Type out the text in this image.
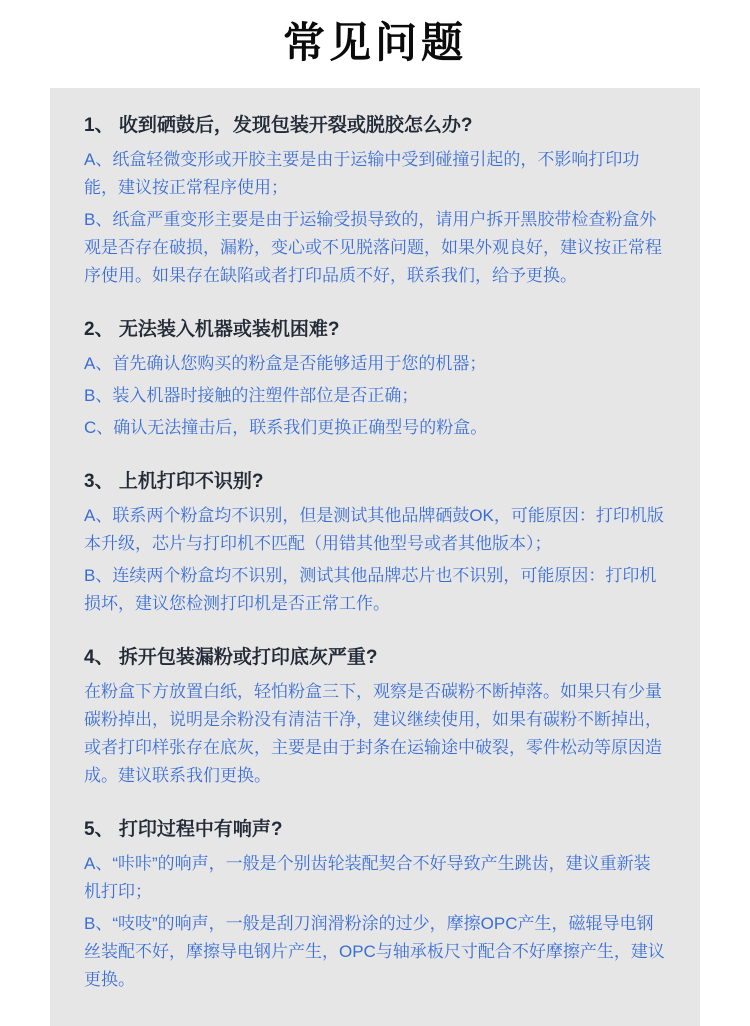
常见问题
1、 收到硒鼓后，发现包装开裂或脱胶怎么办?

A、纸盒轻微变形或开胶主要是由于运输中受到碰撞引起的，不影响打印功能，建议按正常程序使用；

B、纸盒严重变形主要是由于运输受损导致的，请用户拆开黑胶带检查粉盒外观是否存在破损，漏粉，变心或不见脱落问题，如果外观良好，建议按正常程序使用。如果存在缺陷或者打印品质不好，联系我们，给予更换。

2、 无法装入机器或装机困难?

A、首先确认您购买的粉盒是否能够适用于您的机器；

B、装入机器时接触的注塑件部位是否正确；

C、确认无法撞击后，联系我们更换正确型号的粉盒。

3、 上机打印不识别?

A、联系两个粉盒均不识别，但是测试其他品牌硒鼓OK，可能原因：打印机版本升级，芯片与打印机不匹配（用错其他型号或者其他版本）；

B、连续两个粉盒均不识别，测试其他品牌芯片也不识别，可能原因：打印机损坏，建议您检测打印机是否正常工作。

4、 拆开包装漏粉或打印底灰严重?

在粉盒下方放置白纸，轻怕粉盒三下，观察是否碳粉不断掉落。如果只有少量碳粉掉出，说明是余粉没有清洁干净，建议继续使用，如果有碳粉不断掉出，或者打印样张存在底灰，主要是由于封条在运输途中破裂，零件松动等原因造成。建议联系我们更换。

5、 打印过程中有响声?

A、“咔咔”的响声，一般是个别齿轮装配契合不好导致产生跳齿，建议重新装机打印；

B、“吱吱”的响声，一般是刮刀润滑粉涂的过少，摩擦OPC产生，磁辊导电钢丝装配不好，摩擦导电钢片产生，OPC与轴承板尺寸配合不好摩擦产生，建议更换。
